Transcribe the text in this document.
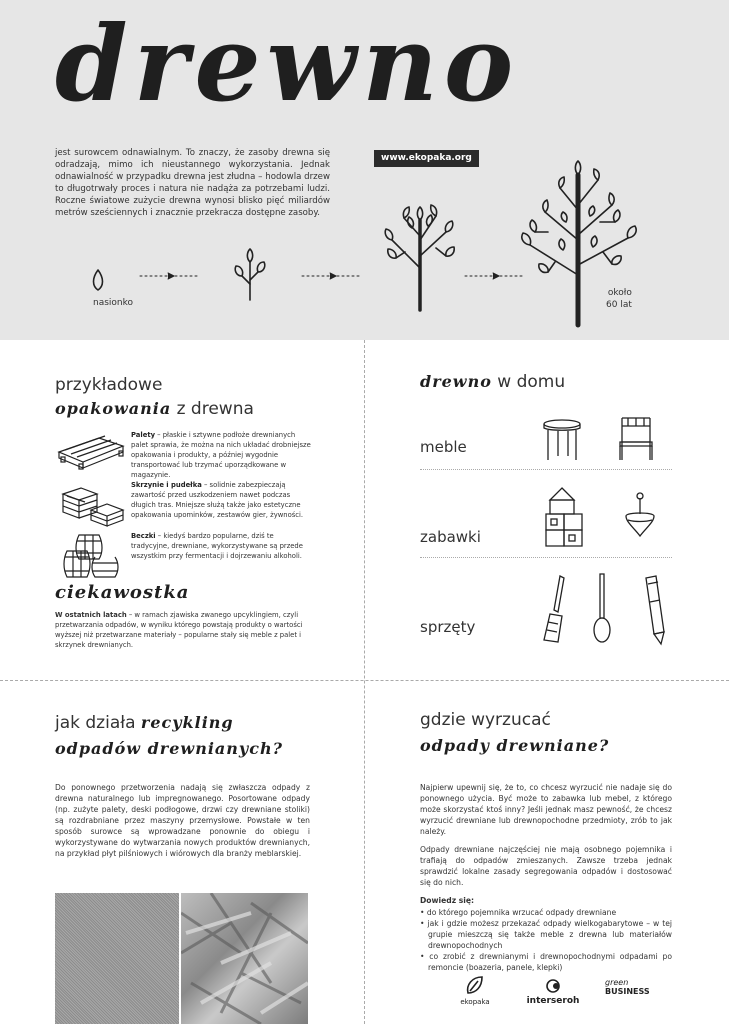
drewno
jest surowcem odnawialnym. To znaczy, że zasoby drewna się odradzają, mimo ich nieustannego wykorzystania. Jednak odnawialność w przypadku drewna jest złudna – hodowla drzew to długotrwały proces i natura nie nadąża za potrzebami ludzi. Roczne światowe zużycie drewna wynosi blisko pięć miliardów metrów sześciennych i znacznie przekracza dostępne zasoby.
www.ekopaka.org
nasionko
około
60 lat
przykładowe
opakowania z drewna
Palety – płaskie i sztywne podłoże drewnianych palet sprawia, że można na nich układać drobniejsze opakowania i produkty, a później wygodnie transportować lub trzymać uporządkowane w magazynie.
Skrzynie i pudełka – solidnie zabezpieczają zawartość przed uszkodzeniem nawet podczas długich tras. Mniejsze służą także jako estetyczne opakowania upominków, zestawów gier, żywności.
Beczki – kiedyś bardzo popularne, dziś te tradycyjne, drewniane, wykorzystywane są przede wszystkim przy fermentacji i dojrzewaniu alkoholi.
ciekawostka
W ostatnich latach – w ramach zjawiska zwanego upcyklingiem, czyli przetwarzania odpadów, w wyniku którego powstają produkty o wartości wyższej niż przetwarzane materiały – popularne stały się meble z palet i skrzynek drewnianych.
drewno w domu
meble
zabawki
sprzęty
jak działa recykling
odpadów drewnianych?
Do ponownego przetworzenia nadają się zwłaszcza odpady z drewna naturalnego lub impregnowanego. Posortowane odpady (np. zużyte palety, deski podłogowe, drzwi czy drewniane stoliki) są rozdrabniane przez maszyny przemysłowe. Powstałe w ten sposób surowce są wprowadzane ponownie do obiegu i wykorzystywane do wytwarzania nowych produktów drewnianych, na przykład płyt pilśniowych i wiórowych dla branży meblarskiej.
gdzie wyrzucać
odpady drewniane?

Najpierw upewnij się, że to, co chcesz wyrzucić nie nadaje się do ponownego użycia. Być może to zabawka lub mebel, z którego może skorzystać ktoś inny? Jeśli jednak masz pewność, że chcesz wyrzucić drewniane lub drewnopochodne przedmioty, zrób to jak należy.

Odpady drewniane najczęściej nie mają osobnego pojemnika i trafiają do odpadów zmieszanych. Zawsze trzeba jednak sprawdzić lokalne zasady segregowania odpadów i dostosować się do nich.

Dowiedz się:
• do którego pojemnika wrzucać odpady drewniane
• jak i gdzie możesz przekazać odpady wielkogabarytowe – w tej grupie mieszczą się także meble z drewna lub materiałów drewnopochodnych
• co zrobić z drewnianymi i drewnopochodnymi odpadami po remoncie (boazeria, panele, klepki)
ekopaka	interseroh
green
BUSINESS
